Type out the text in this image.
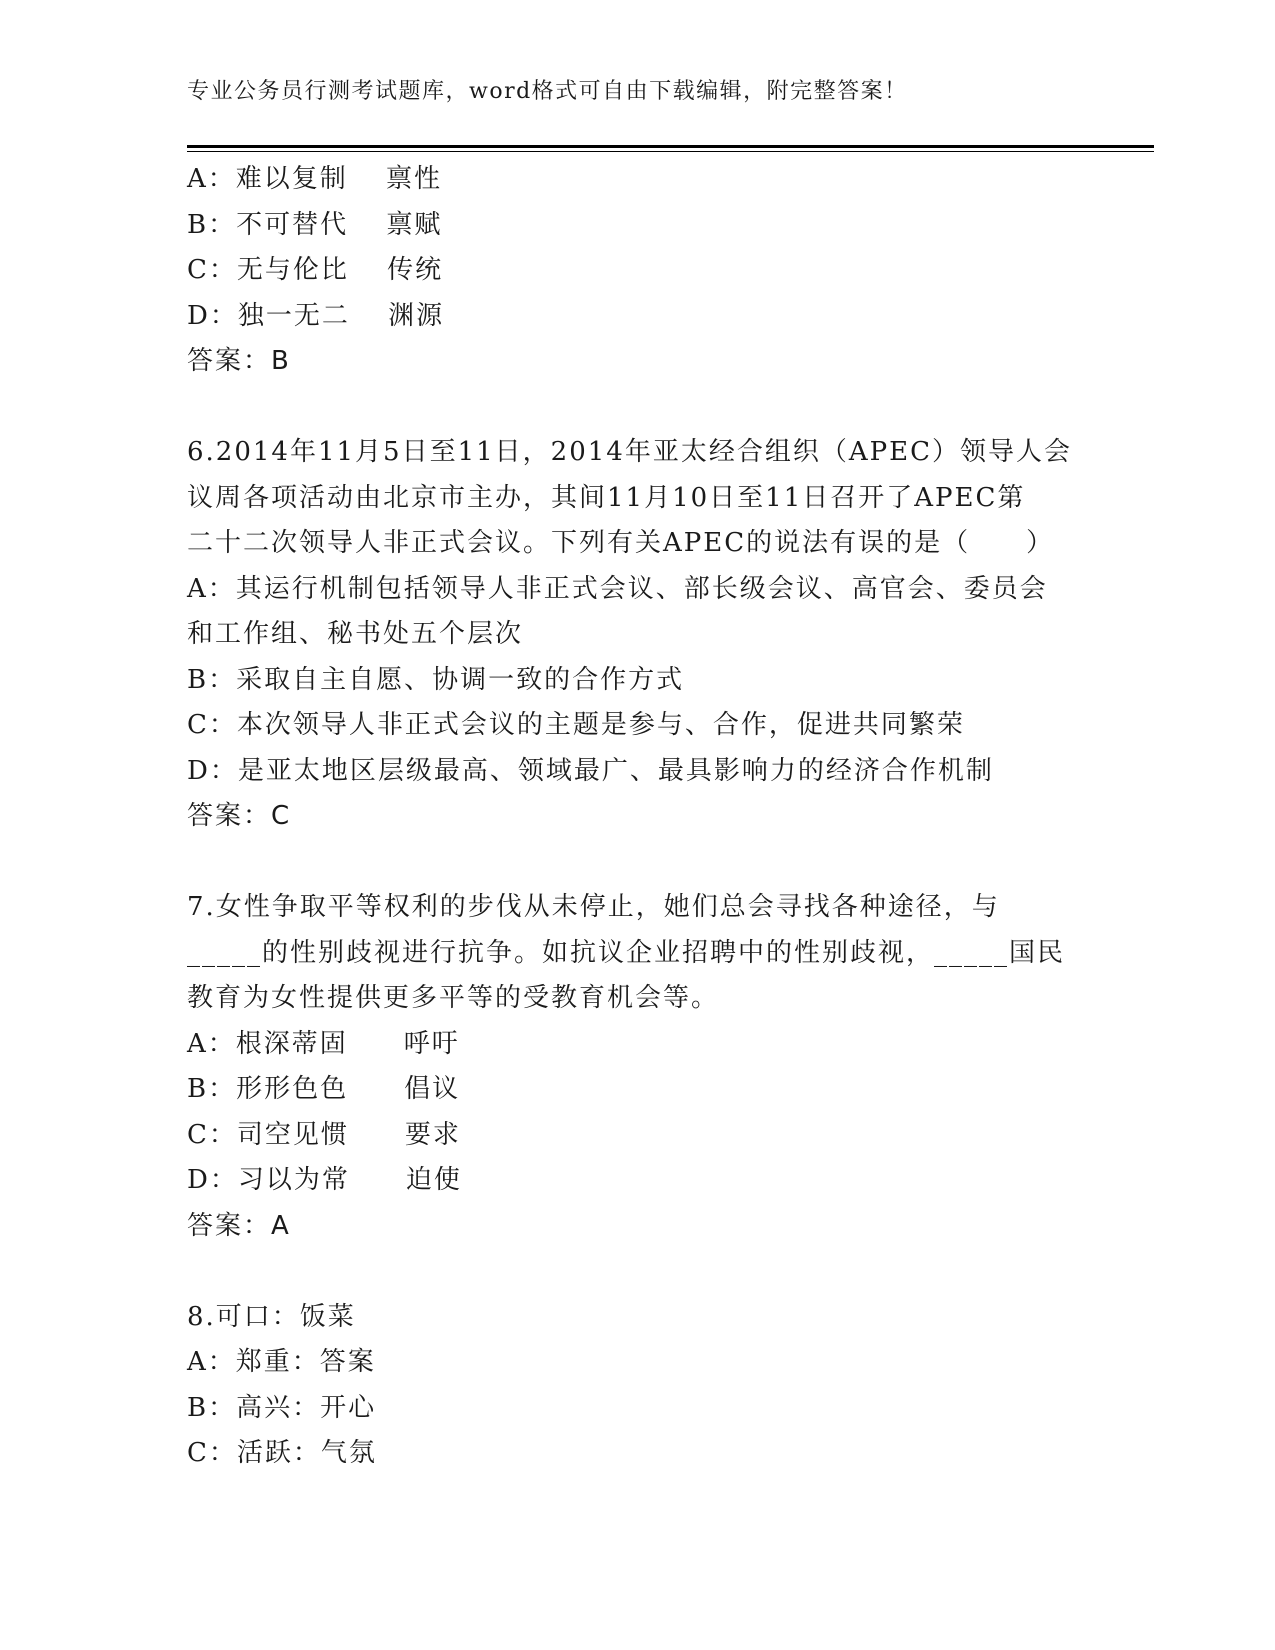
专业公务员行测考试题库，word格式可自由下载编辑，附完整答案！
A：难以复制　 禀性
B：不可替代　 禀赋
C：无与伦比　 传统
D：独一无二　 渊源
答案：B
6.2014年11月5日至11日，2014年亚太经合组织（APEC）领导人会
议周各项活动由北京市主办，其间11月10日至11日召开了APEC第
二十二次领导人非正式会议。下列有关APEC的说法有误的是（　　）
A：其运行机制包括领导人非正式会议、部长级会议、高官会、委员会
和工作组、秘书处五个层次
B：采取自主自愿、协调一致的合作方式
C：本次领导人非正式会议的主题是参与、合作，促进共同繁荣
D：是亚太地区层级最高、领域最广、最具影响力的经济合作机制
答案：C
7.女性争取平等权利的步伐从未停止，她们总会寻找各种途径，与
_____的性别歧视进行抗争。如抗议企业招聘中的性别歧视，_____国民
教育为女性提供更多平等的受教育机会等。
A：根深蒂固　　呼吁
B：形形色色　　倡议
C：司空见惯　　要求
D：习以为常　　迫使
答案：A
8.可口：饭菜
A：郑重：答案
B：高兴：开心
C：活跃：气氛
